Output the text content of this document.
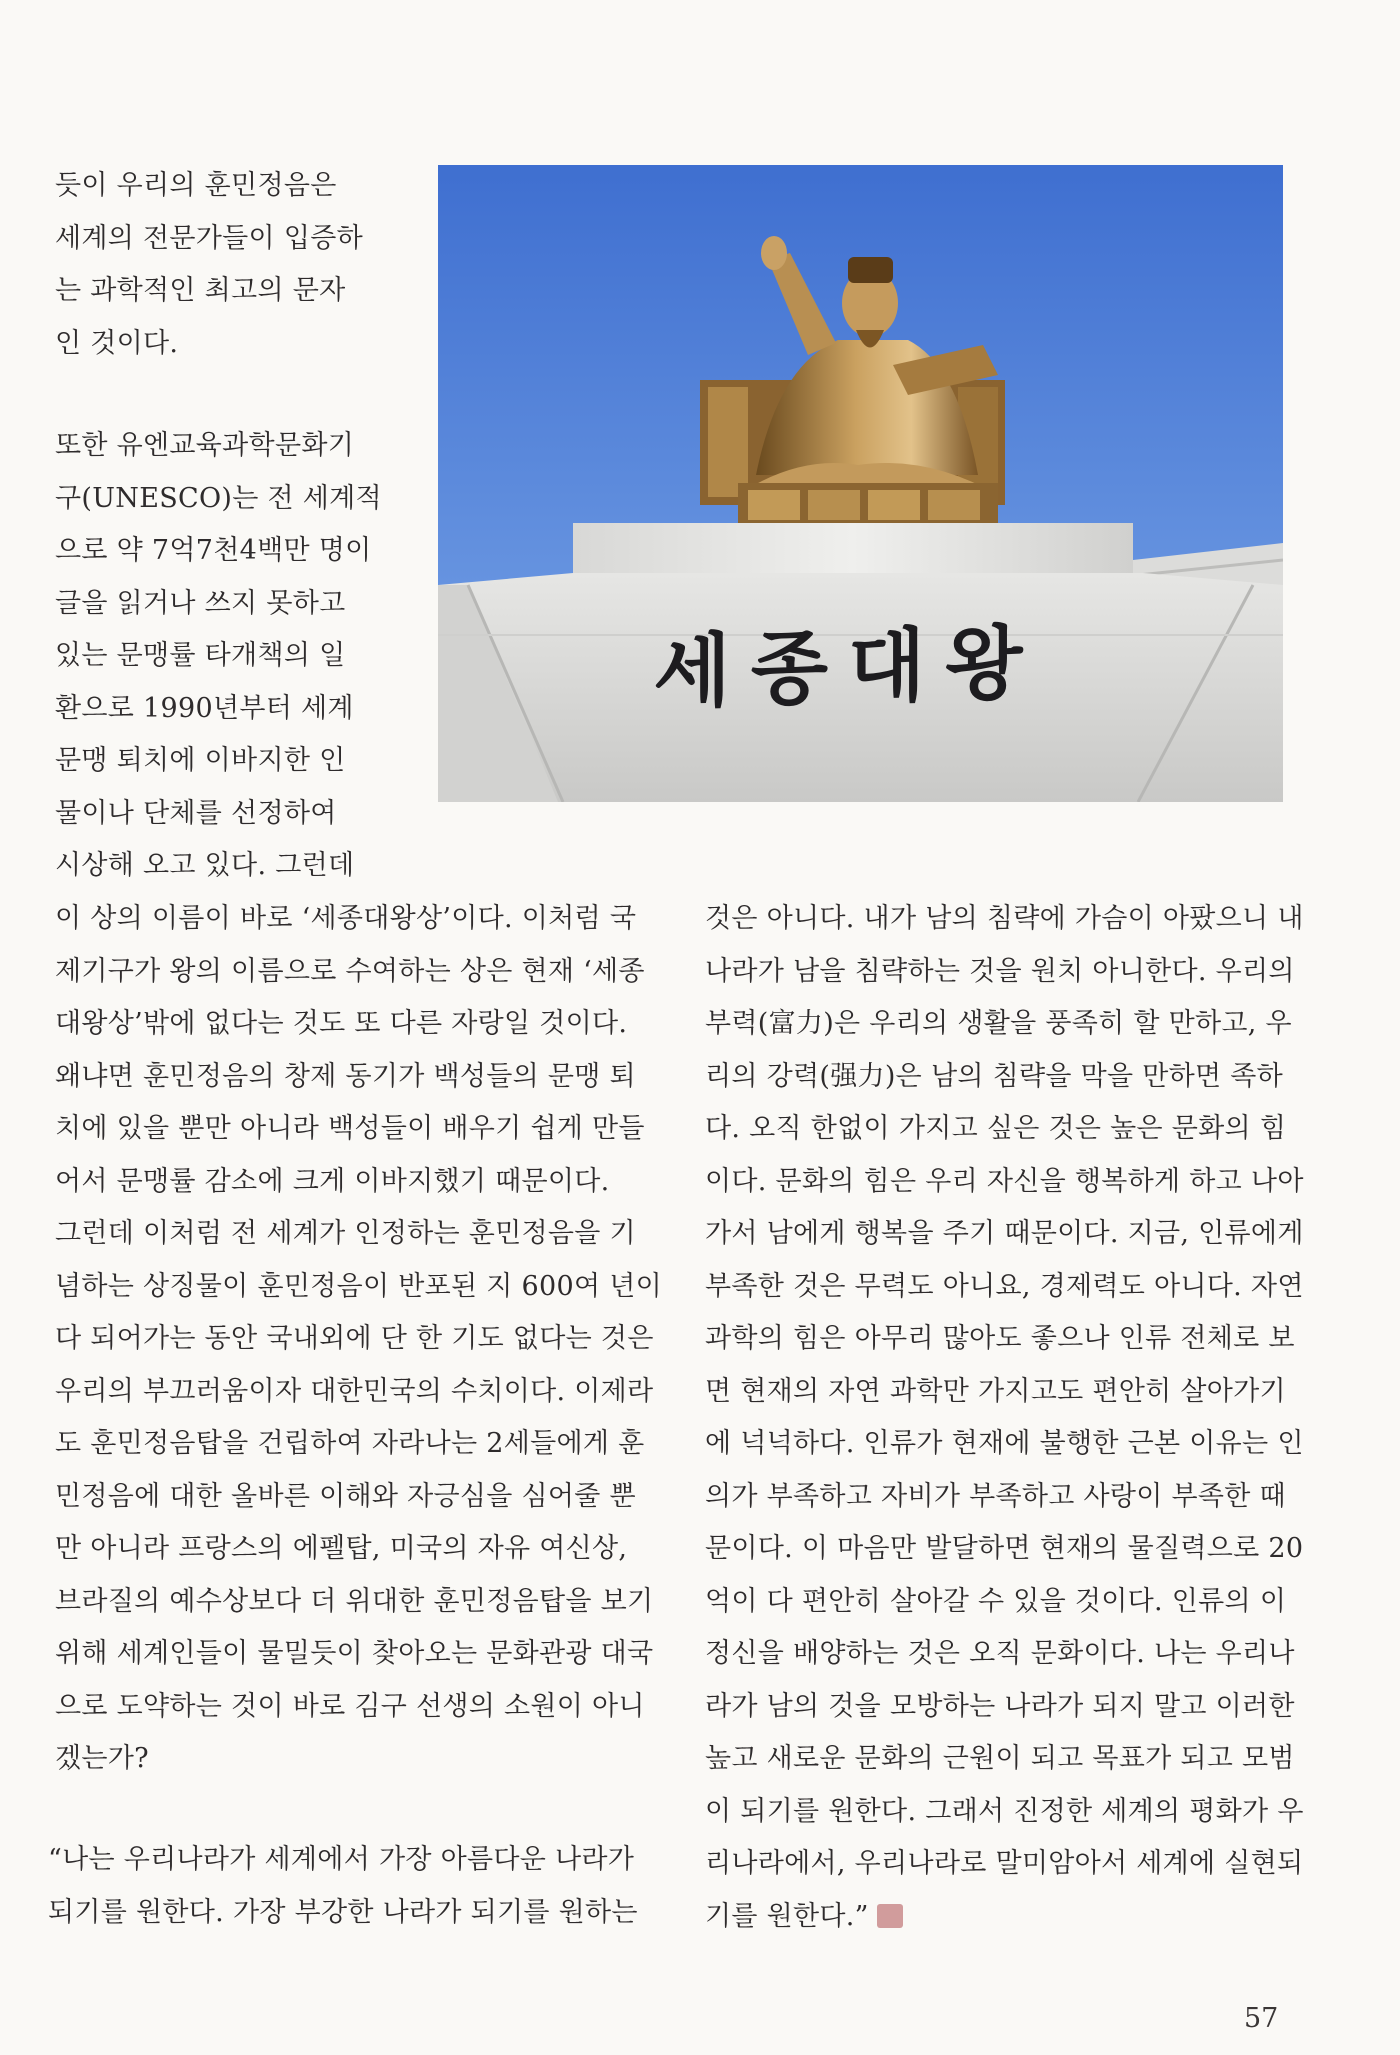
듯이 우리의 훈민정음은
세계의 전문가들이 입증하
는 과학적인 최고의 문자
인 것이다.
또한 유엔교육과학문화기
구(UNESCO)는 전 세계적
으로 약 7억7천4백만 명이
글을 읽거나 쓰지 못하고
있는 문맹률 타개책의 일
환으로 1990년부터 세계
문맹 퇴치에 이바지한 인
물이나 단체를 선정하여
시상해 오고 있다. 그런데
세종대왕
이 상의 이름이 바로 ‘세종대왕상’이다. 이처럼 국
제기구가 왕의 이름으로 수여하는 상은 현재 ‘세종
대왕상’밖에 없다는 것도 또 다른 자랑일 것이다.
왜냐면 훈민정음의 창제 동기가 백성들의 문맹 퇴
치에 있을 뿐만 아니라 백성들이 배우기 쉽게 만들
어서 문맹률 감소에 크게 이바지했기 때문이다.
그런데 이처럼 전 세계가 인정하는 훈민정음을 기
념하는 상징물이 훈민정음이 반포된 지 600여 년이
다 되어가는 동안 국내외에 단 한 기도 없다는 것은
우리의 부끄러움이자 대한민국의 수치이다. 이제라
도 훈민정음탑을 건립하여 자라나는 2세들에게 훈
민정음에 대한 올바른 이해와 자긍심을 심어줄 뿐
만 아니라 프랑스의 에펠탑, 미국의 자유 여신상,
브라질의 예수상보다 더 위대한 훈민정음탑을 보기
위해 세계인들이 물밀듯이 찾아오는 문화관광 대국
으로 도약하는 것이 바로 김구 선생의 소원이 아니
겠는가?
“나는 우리나라가 세계에서 가장 아름다운 나라가
되기를 원한다. 가장 부강한 나라가 되기를 원하는
것은 아니다. 내가 남의 침략에 가슴이 아팠으니 내
나라가 남을 침략하는 것을 원치 아니한다. 우리의
부력(富力)은 우리의 생활을 풍족히 할 만하고, 우
리의 강력(强力)은 남의 침략을 막을 만하면 족하
다. 오직 한없이 가지고 싶은 것은 높은 문화의 힘
이다. 문화의 힘은 우리 자신을 행복하게 하고 나아
가서 남에게 행복을 주기 때문이다. 지금, 인류에게
부족한 것은 무력도 아니요, 경제력도 아니다. 자연
과학의 힘은 아무리 많아도 좋으나 인류 전체로 보
면 현재의 자연 과학만 가지고도 편안히 살아가기
에 넉넉하다. 인류가 현재에 불행한 근본 이유는 인
의가 부족하고 자비가 부족하고 사랑이 부족한 때
문이다. 이 마음만 발달하면 현재의 물질력으로 20
억이 다 편안히 살아갈 수 있을 것이다. 인류의 이
정신을 배양하는 것은 오직 문화이다. 나는 우리나
라가 남의 것을 모방하는 나라가 되지 말고 이러한
높고 새로운 문화의 근원이 되고 목표가 되고 모범
이 되기를 원한다. 그래서 진정한 세계의 평화가 우
리나라에서, 우리나라로 말미암아서 세계에 실현되
기를 원한다.”
57
